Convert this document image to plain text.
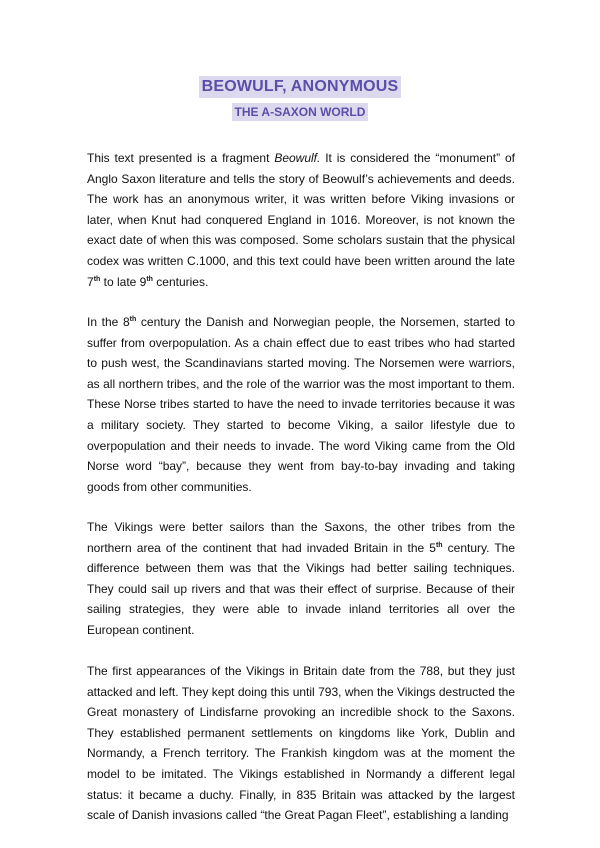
BEOWULF, ANONYMOUS
THE A-SAXON WORLD

This text presented is a fragment Beowulf. It is considered the “monument” of Anglo Saxon literature and tells the story of Beowulf’s achievements and deeds. The work has an anonymous writer, it was written before Viking invasions or later, when Knut had conquered England in 1016. Moreover, is not known the exact date of when this was composed. Some scholars sustain that the physical codex was written C.1000, and this text could have been written around the late 7th to late 9th centuries.

In the 8th century the Danish and Norwegian people, the Norsemen, started to suffer from overpopulation. As a chain effect due to east tribes who had started to push west, the Scandinavians started moving. The Norsemen were warriors, as all northern tribes, and the role of the warrior was the most important to them. These Norse tribes started to have the need to invade territories because it was a military society. They started to become Viking, a sailor lifestyle due to overpopulation and their needs to invade. The word Viking came from the Old Norse word “bay”, because they went from bay-to-bay invading and taking goods from other communities.

The Vikings were better sailors than the Saxons, the other tribes from the northern area of the continent that had invaded Britain in the 5th century. The difference between them was that the Vikings had better sailing techniques. They could sail up rivers and that was their effect of surprise. Because of their sailing strategies, they were able to invade inland territories all over the European continent.

The first appearances of the Vikings in Britain date from the 788, but they just attacked and left. They kept doing this until 793, when the Vikings destructed the Great monastery of Lindisfarne provoking an incredible shock to the Saxons. They established permanent settlements on kingdoms like York, Dublin and Normandy, a French territory. The Frankish kingdom was at the moment the model to be imitated. The Vikings established in Normandy a different legal status: it became a duchy. Finally, in 835 Britain was attacked by the largest scale of Danish invasions called “the Great Pagan Fleet”, establishing a landing
